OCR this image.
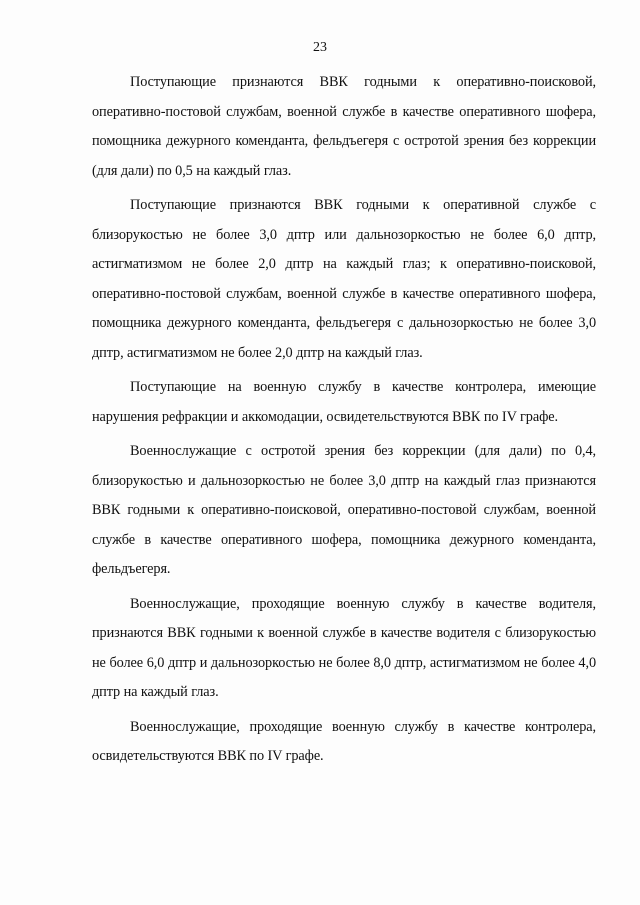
23

Поступающие признаются ВВК годными к оперативно-поисковой, оперативно-постовой службам, военной службе в качестве оперативного шофера, помощника дежурного коменданта, фельдъегеря с остротой зрения без коррекции (для дали) по 0,5 на каждый глаз.

Поступающие признаются ВВК годными к оперативной службе с близорукостью не более 3,0 дптр или дальнозоркостью не более 6,0 дптр, астигматизмом не более 2,0 дптр на каждый глаз; к оперативно-поисковой, оперативно-постовой службам, военной службе в качестве оперативного шофера, помощника дежурного коменданта, фельдъегеря с дальнозоркостью не более 3,0 дптр, астигматизмом не более 2,0 дптр на каждый глаз.

Поступающие на военную службу в качестве контролера, имеющие нарушения рефракции и аккомодации, освидетельствуются ВВК по IV графе.

Военнослужащие с остротой зрения без коррекции (для дали) по 0,4, близорукостью и дальнозоркостью не более 3,0 дптр на каждый глаз признаются ВВК годными к оперативно-поисковой, оперативно-постовой службам, военной службе в качестве оперативного шофера, помощника дежурного коменданта, фельдъегеря.

Военнослужащие, проходящие военную службу в качестве водителя, признаются ВВК годными к военной службе в качестве водителя с близорукостью не более 6,0 дптр и дальнозоркостью не более 8,0 дптр, астигматизмом не более 4,0 дптр на каждый глаз.

Военнослужащие, проходящие военную службу в качестве контролера, освидетельствуются ВВК по IV графе.
